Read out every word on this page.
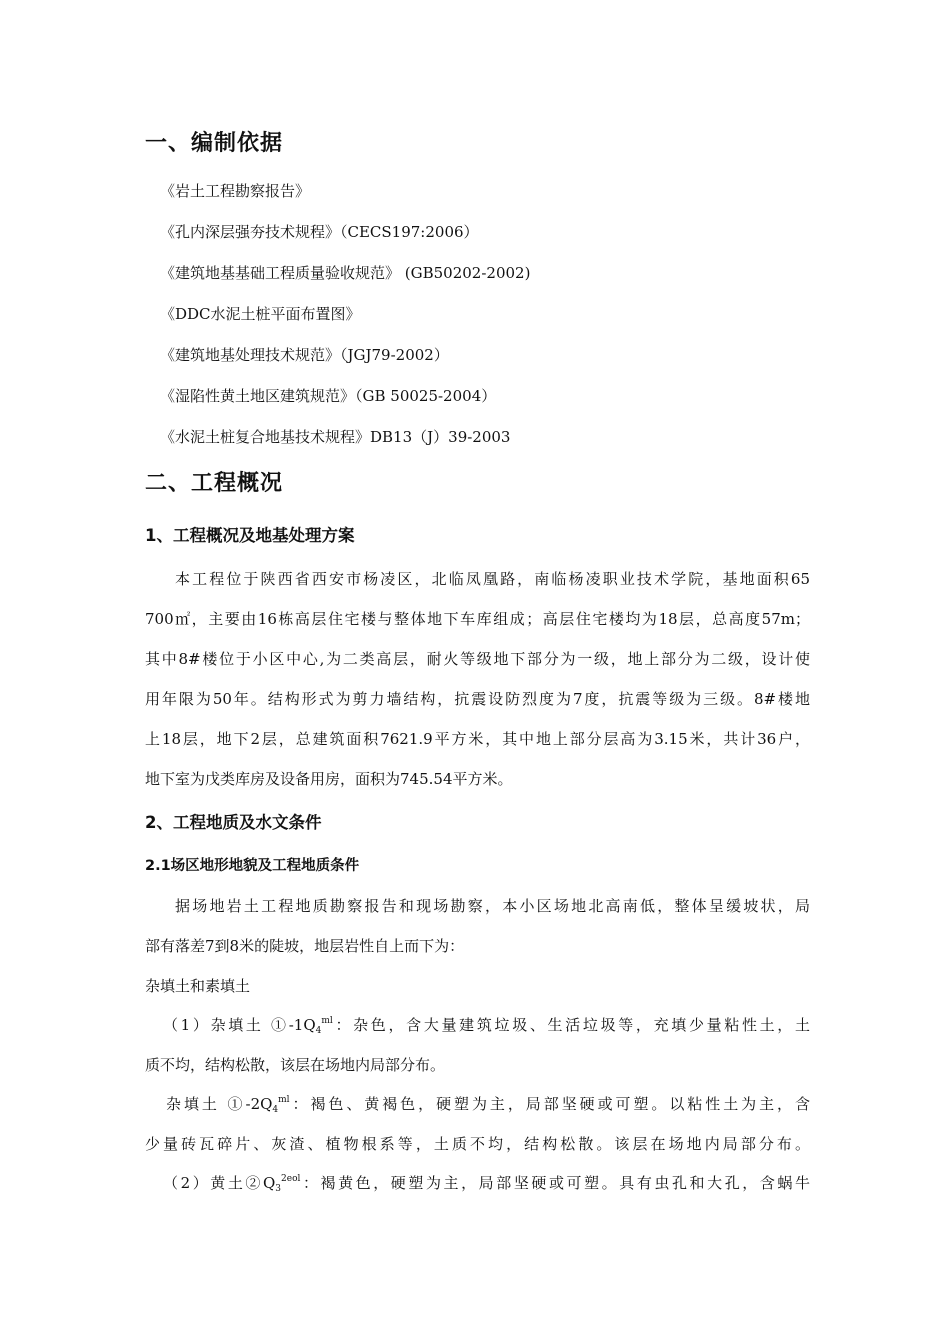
一、编制依据
《岩土工程勘察报告》
《孔内深层强夯技术规程》（CECS197:2006）
《建筑地基基础工程质量验收规范》 (GB50202-2002)
《DDC水泥土桩平面布置图》
《建筑地基处理技术规范》（JGJ79-2002）
《湿陷性黄土地区建筑规范》（GB 50025-2004）
《水泥土桩复合地基技术规程》DB13（J）39-2003
二、工程概况
1、工程概况及地基处理方案
本工程位于陕西省西安市杨凌区，北临凤凰路，南临杨凌职业技术学院，基地面积65
700㎡，主要由16栋高层住宅楼与整体地下车库组成；高层住宅楼均为18层，总高度57m；
其中8#楼位于小区中心,为二类高层，耐火等级地下部分为一级，地上部分为二级，设计使
用年限为50年。结构形式为剪力墙结构，抗震设防烈度为7度，抗震等级为三级。8#楼地
上18层，地下2层，总建筑面积7621.9平方米，其中地上部分层高为3.15米，共计36户，
地下室为戊类库房及设备用房，面积为745.54平方米。
2、工程地质及水文条件
2.1场区地形地貌及工程地质条件
据场地岩土工程地质勘察报告和现场勘察，本小区场地北高南低，整体呈缓坡状，局
部有落差7到8米的陡坡，地层岩性自上而下为：
杂填土和素填土
（1）杂填土 $①-1Q_4^{ml}$：杂色，含大量建筑垃圾、生活垃圾等，充填少量粘性土，土
质不均，结构松散，该层在场地内局部分布。
杂填土 $①-2Q_4^{ml}$：褐色、黄褐色，硬塑为主，局部坚硬或可塑。以粘性土为主，含
少量砖瓦碎片、灰渣、植物根系等，土质不均，结构松散。该层在场地内局部分布。
（2）黄土$②Q_3^{2eol}$：褐黄色，硬塑为主，局部坚硬或可塑。具有虫孔和大孔，含蜗牛
